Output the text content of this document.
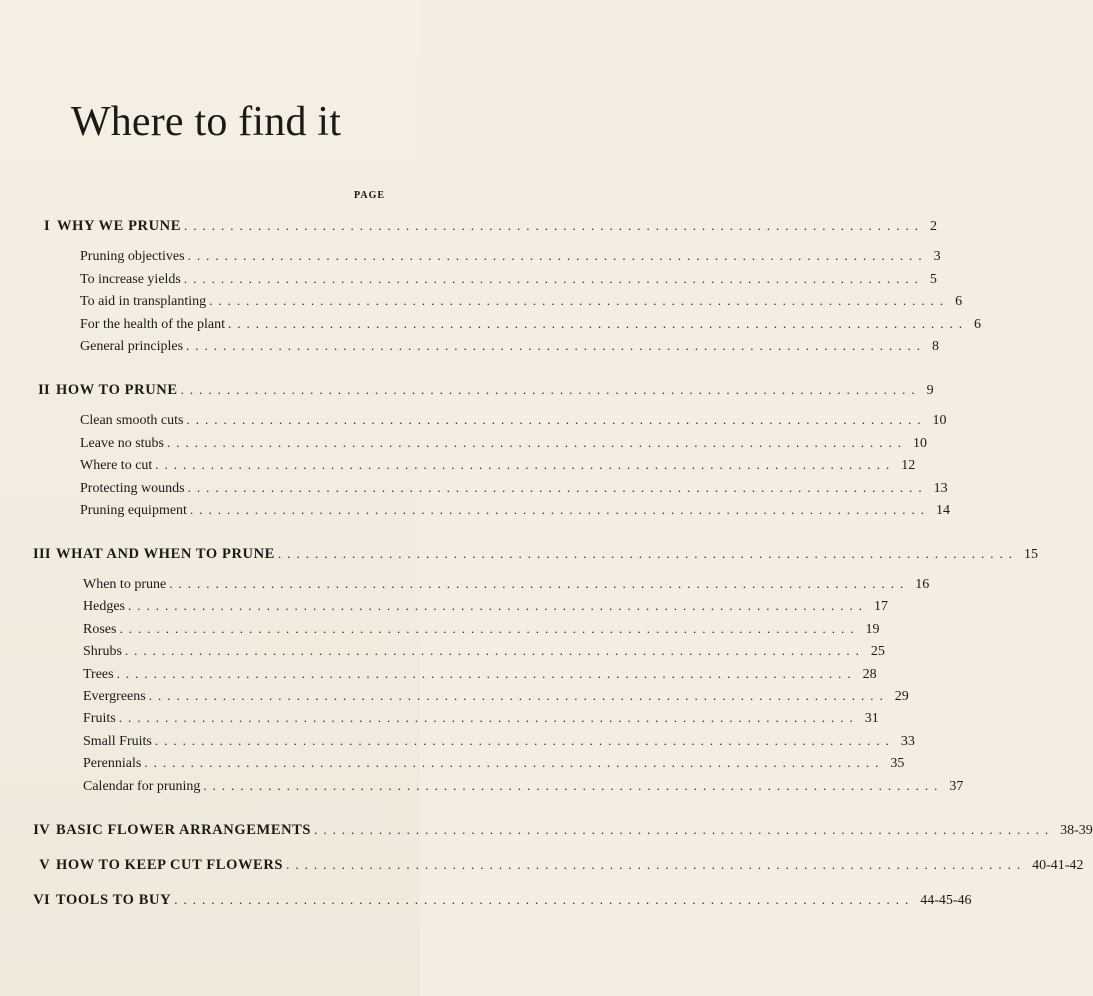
Where to find it
PAGE
I WHY WE PRUNE ................................................................................ 2
Pruning objectives ................................................................................ 3
To increase yields ................................................................................ 5
To aid in transplanting ................................................................................ 6
For the health of the plant ................................................................................ 6
General principles ................................................................................ 8
II HOW TO PRUNE ................................................................................ 9
Clean smooth cuts ................................................................................ 10
Leave no stubs ................................................................................ 10
Where to cut ................................................................................ 12
Protecting wounds ................................................................................ 13
Pruning equipment ................................................................................ 14
III WHAT AND WHEN TO PRUNE ................................................................................ 15
When to prune ................................................................................ 16
Hedges ................................................................................ 17
Roses ................................................................................ 19
Shrubs ................................................................................ 25
Trees ................................................................................ 28
Evergreens ................................................................................ 29
Fruits ................................................................................ 31
Small Fruits ................................................................................ 33
Perennials ................................................................................ 35
Calendar for pruning ................................................................................ 37
IV BASIC FLOWER ARRANGEMENTS ................................................................................ 38-39
V HOW TO KEEP CUT FLOWERS ................................................................................ 40-41-42
VI TOOLS TO BUY ................................................................................ 44-45-46
